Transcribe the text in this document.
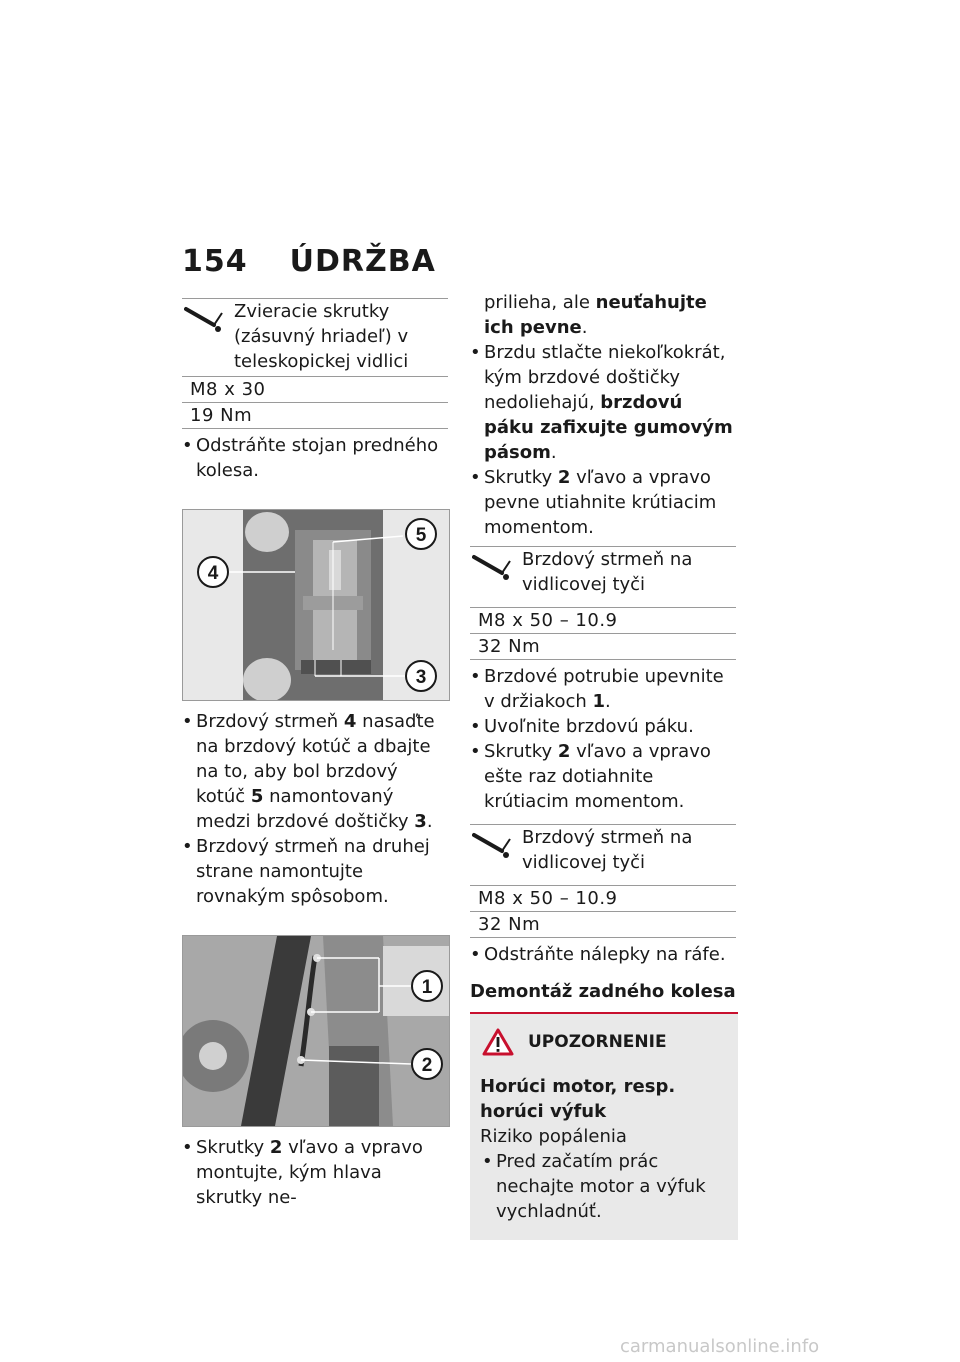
154 ÚDRŽBA
Zvieracie skrutky (zásuvný hriadeľ) v teleskopickej vidlici
M8 x 30
19 Nm
• Odstráňte stojan predného kolesa.
4
5
3
• Brzdový strmeň 4 nasaďte na brzdový kotúč a dbajte na to, aby bol brzdový kotúč 5 namontovaný medzi brzdové doštičky 3.
• Brzdový strmeň na druhej strane namontujte rovnakým spôsobom.
1
2
• Skrutky 2 vľavo a vpravo montujte, kým hlava skrutky ne-
prilieha, ale neuťahujte ich pevne.
• Brzdu stlačte niekoľkokrát, kým brzdové doštičky nedoliehajú, brzdovú páku zafixujte gumovým pásom.
• Skrutky 2 vľavo a vpravo pevne utiahnite krútiacim momentom.
Brzdový strmeň na vidlicovej tyči
M8 x 50 – 10.9
32 Nm
• Brzdové potrubie upevnite v držiakoch 1.
• Uvoľnite brzdovú páku.
• Skrutky 2 vľavo a vpravo ešte raz dotiahnite krútiacim momentom.
Brzdový strmeň na vidlicovej tyči
M8 x 50 – 10.9
32 Nm
• Odstráňte nálepky na ráfe.
Demontáž zadného kolesa
UPOZORNENIE
Horúci motor, resp. horúci výfuk
Riziko popálenia
• Pred začatím prác nechajte motor a výfuk vychladnúť.
carmanualsonline.info
